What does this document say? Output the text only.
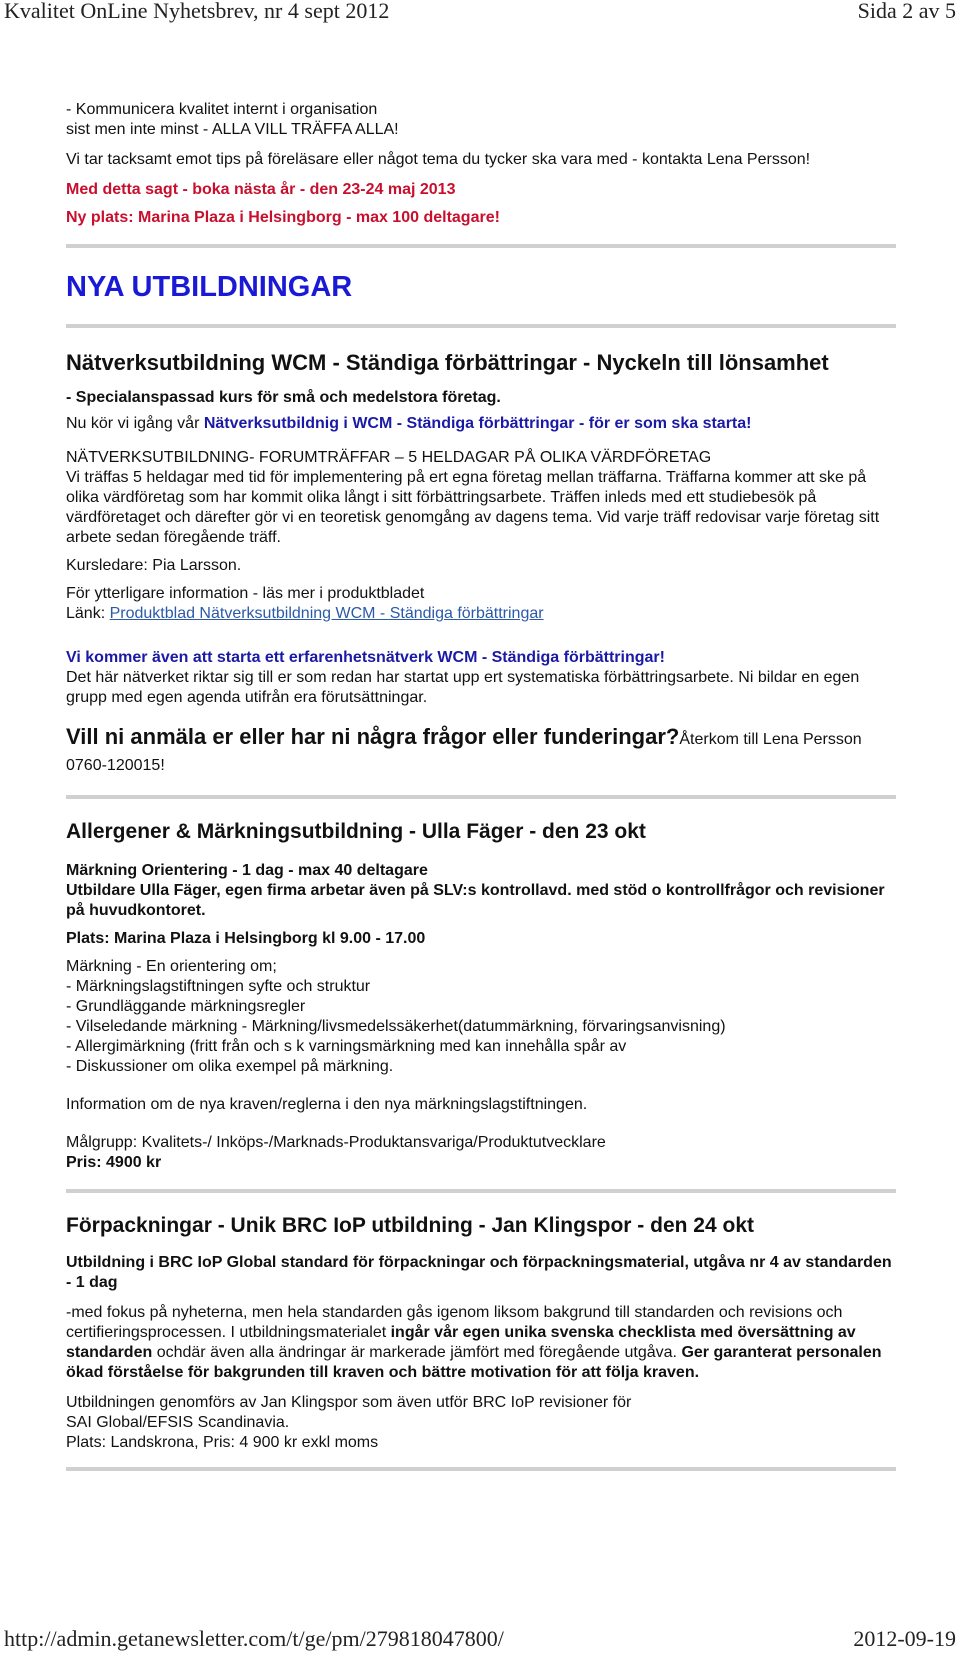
Kvalitet OnLine Nyhetsbrev, nr 4 sept 2012	Sida 2 av 5

- Kommunicera kvalitet internt i organisation

sist men inte minst - ALLA VILL TRÄFFA ALLA!

Vi tar tacksamt emot tips på föreläsare eller något tema du tycker ska vara med - kontakta Lena Persson!

Med detta sagt - boka nästa år - den 23-24 maj 2013

Ny plats: Marina Plaza i Helsingborg - max 100 deltagare!

NYA UTBILDNINGAR

Nätverksutbildning WCM - Ständiga förbättringar - Nyckeln till lönsamhet

- Specialanspassad kurs för små och medelstora företag.

Nu kör vi igång vår Nätverksutbildnig i WCM - Ständiga förbättringar - för er som ska starta!

NÄTVERKSUTBILDNING- FORUMTRÄFFAR – 5 HELDAGAR PÅ OLIKA VÄRDFÖRETAG

Vi träffas 5 heldagar med tid för implementering på ert egna företag mellan träffarna. Träffarna kommer att ske på olika värdföretag som har kommit olika långt i sitt förbättringsarbete. Träffen inleds med ett studiebesök på värdföretaget och därefter gör vi en teoretisk genomgång av dagens tema. Vid varje träff redovisar varje företag sitt arbete sedan föregående träff.

Kursledare: Pia Larsson.

För ytterligare information - läs mer i produktbladet

Länk: Produktblad Nätverksutbildning WCM - Ständiga förbättringar

Vi kommer även att starta ett erfarenhetsnätverk WCM - Ständiga förbättringar!

Det här nätverket riktar sig till er som redan har startat upp ert systematiska förbättringsarbete. Ni bildar en egen grupp med egen agenda utifrån era förutsättningar.

Vill ni anmäla er eller har ni några frågor eller funderingar?Återkom till Lena Persson 0760-120015!

Allergener & Märkningsutbildning - Ulla Fäger - den 23 okt

Märkning Orientering - 1 dag - max 40 deltagare

Utbildare Ulla Fäger, egen firma arbetar även på SLV:s kontrollavd. med stöd o kontrollfrågor och revisioner på huvudkontoret.

Plats: Marina Plaza i Helsingborg kl 9.00 - 17.00

Märkning - En orientering om;

- Märkningslagstiftningen syfte och struktur

- Grundläggande märkningsregler

- Vilseledande märkning - Märkning/livsmedelssäkerhet(datummärkning, förvaringsanvisning)

- Allergimärkning (fritt från och s k varningsmärkning med kan innehålla spår av

- Diskussioner om olika exempel på märkning.

Information om de nya kraven/reglerna i den nya märkningslagstiftningen.

Målgrupp: Kvalitets-/ Inköps-/Marknads-Produktansvariga/Produktutvecklare

Pris: 4900 kr

Förpackningar - Unik BRC IoP utbildning - Jan Klingspor - den 24 okt

Utbildning i BRC IoP Global standard för förpackningar och förpackningsmaterial, utgåva nr 4 av standarden - 1 dag

-med fokus på nyheterna, men hela standarden gås igenom liksom bakgrund till standarden och revisions och certifieringsprocessen. I utbildningsmaterialet ingår vår egen unika svenska checklista med översättning av standarden ochdär även alla ändringar är markerade jämfört med föregående utgåva. Ger garanterat personalen ökad förståelse för bakgrunden till kraven och bättre motivation för att följa kraven.

Utbildningen genomförs av Jan Klingspor som även utför BRC IoP revisioner för

SAI Global/EFSIS Scandinavia.

Plats: Landskrona, Pris: 4 900 kr exkl moms

http://admin.getanewsletter.com/t/ge/pm/279818047800/	2012-09-19
